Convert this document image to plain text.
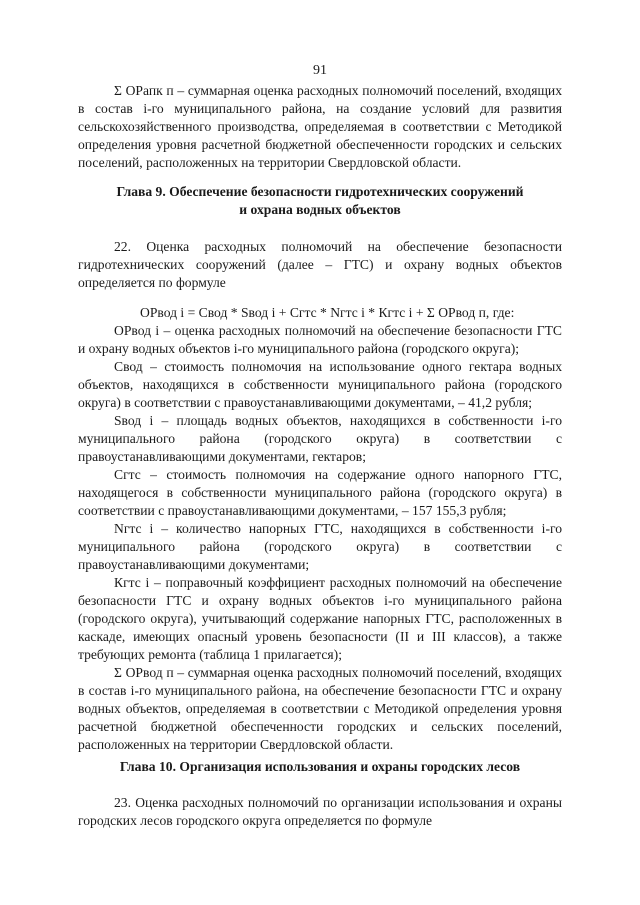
91

Σ ОРапк п – суммарная оценка расходных полномочий поселений, входящих в состав i-го муниципального района, на создание условий для развития сельскохозяйственного производства, определяемая в соответствии с Методикой определения уровня расчетной бюджетной обеспеченности городских и сельских поселений, расположенных на территории Свердловской области.

Глава 9. Обеспечение безопасности гидротехнических сооружений
и охрана водных объектов

22. Оценка расходных полномочий на обеспечение безопасности гидротехнических сооружений (далее – ГТС) и охрану водных объектов определяется по формуле

ОРвод i = Свод * Sвод i + Сгтс * Nгтс i * Кгтс i + Σ ОРвод п, где:

ОРвод i – оценка расходных полномочий на обеспечение безопасности ГТС и охрану водных объектов i-го муниципального района (городского округа);

Свод – стоимость полномочия на использование одного гектара водных объектов, находящихся в собственности муниципального района (городского округа) в соответствии с правоустанавливающими документами, – 41,2 рубля;

Sвод i – площадь водных объектов, находящихся в собственности i-го муниципального района (городского округа) в соответствии с правоустанавливающими документами, гектаров;

Сгтс – стоимость полномочия на содержание одного напорного ГТС, находящегося в собственности муниципального района (городского округа) в соответствии с правоустанавливающими документами, – 157 155,3 рубля;

Nгтс i – количество напорных ГТС, находящихся в собственности i-го муниципального района (городского округа) в соответствии с правоустанавливающими документами;

Кгтс i – поправочный коэффициент расходных полномочий на обеспечение безопасности ГТС и охрану водных объектов i-го муниципального района (городского округа), учитывающий содержание напорных ГТС, расположенных в каскаде, имеющих опасный уровень безопасности (II и III классов), а также требующих ремонта (таблица 1 прилагается);

Σ ОРвод п – суммарная оценка расходных полномочий поселений, входящих в состав i-го муниципального района, на обеспечение безопасности ГТС и охрану водных объектов, определяемая в соответствии с Методикой определения уровня расчетной бюджетной обеспеченности городских и сельских поселений, расположенных на территории Свердловской области.

Глава 10. Организация использования и охраны городских лесов

23. Оценка расходных полномочий по организации использования и охраны городских лесов городского округа определяется по формуле
